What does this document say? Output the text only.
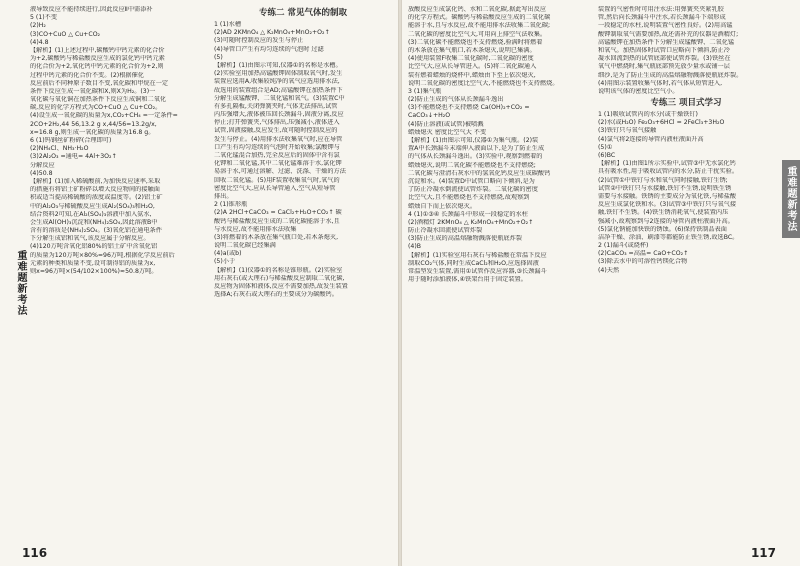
重难题新考法
液导致反应不能持续进行,因此反应Ⅱ中需添补
5 (1)不变
(2)H₂
(3)CO+CuO △ Cu+CO₂
(4)4.8
【解析】(1)上述过程中,碳酸钙中钙元素的化合价
为+2,碳酸钙与稀盐酸反应生成的氯化钙中钙元素
的化合价为+2,氧化钙中钙元素的化合价为+2,则
过程中钙元素的化合价不变。(2)根据催化
反应前后不同种原子数目不变,氧化碳和甲烷在一定
条件下反应生成一氧化碳和X,则X为H₂。(3)一
氧化碳与氧化铜在加热条件下反应生成铜和二氧化
碳,反应的化学方程式为CO+CuO △ Cu+CO₂。
(4)设生成一氧化碳的质量为x,CO₂+CH₄ =一定条件=
2CO+2H₂,44 56,13.2 g x,44/56=13.2g/x,
x=16.8 g,则生成一氧化碳的质量为16.8 g。
6 (1)钨钢丝矿粉碎(合理即可)
(2)NH₄Cl、NH₃·H₂O
(3)2Al₂O₃ =通电= 4Al+3O₂↑
分解反应
(4)50.8
【解析】(1)加入稀硫酸前,为加快反应速率,采取
的措施有将铝土矿粉碎以增大反应物间的接触面
积或适当提高稀硫酸的浓度或温度等。(2)铝土矿
中的Al₂O₃与稀硫酸反应生成Al₂(SO₄)₃和H₂O,
结合资料2可知,在Al₂(SO₄)₃溶液中加入氨水,
会生成Al(OH)₃沉淀和(NH₄)₂SO₄,因此溶液B中
含有的溶质是(NH₄)₂SO₄。(3)氧化铝在通电条件
下分解生成铝和氧气,该反应属于分解反应。
(4)120万吨含氧化铝80%的铝土矿中含氧化铝
的质量为120万吨×80%=96万吨,根据化学反应前后
元素的种类和质量不变,设可制得铝的质量为x,
则x=96万吨×(54/102×100%)≈50.8万吨。
专练二 常见气体的制取
1 (1)水槽
(2)AD 2KMnO₄ △ K₂MnO₄+MnO₂+O₂↑
(3)可随时控制反应的发生与停止
(4)导管口产生有均匀连续的气泡时 过滤
(5)
【解析】(1)由图示可知,仪器①的名称是水槽。
(2)实验室用加热高锰酸钾固体制取氧气时,发生
装置应选用A,收集较纯净的氧气应选用排水法,
故选用的装置组合是AD;高锰酸钾在加热条件下
分解生成锰酸钾、二氧化锰和氧气。(3)装置C中
有多孔隔板,关闭弹簧夹时,气体无法排出,试管
内压强增大,液体被压回长颈漏斗,固液分离,反应
停止;打开弹簧夹,气体排出,压强减小,液体进入
试管,固液接触,反应发生,故可随时控制反应的
发生与停止。(4)用排水法收集氧气时,应在导管
口产生有均匀连续的气泡时开始收集;氯酸钾与
二氧化锰混合加热,完全反应后的固体中含有氯
化钾和二氧化锰,其中二氧化锰难溶于水,氯化钾
易溶于水,可通过溶解、过滤、洗涤、干燥的方法
回收二氧化锰。(5)用F装置收集氧气时,氧气的
密度比空气大,应从长导管通入,空气从短导管
排出。
2 (1)锥形瓶
(2)A 2HCl+CaCO₃ = CaCl₂+H₂O+CO₂↑ 碳
酸钙与稀盐酸反应生成的二氧化碳能溶于水,且
与水反应,故不能用排水法收集
(3)将燃着的木条放在集气瓶口处,若木条熄灭,
说明二氧化碳已经集满
(4)a(或b)
(5)小于
【解析】(1)仪器①的名称是锥形瓶。(2)实验室
用石灰石(或大理石)与稀盐酸反应制取二氧化碳,
反应物为固体和液体,反应不需要加热,故发生装置
选择A;石灰石或大理石的主要成分为碳酸钙。
116
放酸反应生成氯化钙、水和二氧化碳,据此写出反应
的化学方程式。碳酸钙与稀盐酸反应生成的二氧化碳
能溶于水,且与水反应,故不能用排水法收集二氧化碳;
二氧化碳的密度比空气大,可用向上排空气法收集。
(3)二氧化碳不能燃烧也不支持燃烧,验满时将燃着
的木条放在集气瓶口,若木条熄灭,说明已集满。
(4)使用装置F收集二氧化碳时,二氧化碳的密度
比空气大,应从长导管进入。(5)将二氧化碳通入
装有燃着蜡烛的烧杯中,蜡烛由下至上依次熄灭,
说明二氧化碳的密度比空气大,不能燃烧也不支持燃烧。
3 (1)集气瓶
(2)防止生成的气体从长颈漏斗逸出
(3)不能燃烧也不支持燃烧 Ca(OH)₂+CO₂ =
CaCO₃↓+H₂O
(4)防止溶液(或试管)被喷溅
蜡烛熄灭 密度比空气大 不变
【解析】(1)由图示可知,仪器①为集气瓶。(2)装
置A中长颈漏斗末端伸入液面以下,是为了防止生成
的气体从长颈漏斗逸出。(3)实验中,观察到燃着的
蜡烛熄灭,说明二氧化碳不能燃烧也不支持燃烧;
二氧化碳与澄清石灰水中的氢氧化钙反应生成碳酸钙
沉淀和水。(4)装置D中试管口略向下倾斜,是为
了防止冷凝水倒流使试管炸裂。二氧化碳的密度
比空气大,且不能燃烧也不支持燃烧,故观察到
蜡烛自下而上依次熄灭。
4 (1)①③④ 长颈漏斗中形成一段稳定的水柱
(2)酒精灯 2KMnO₄ △ K₂MnO₄+MnO₂+O₂↑
防止冷凝水回流使试管炸裂
(3)防止生成的高温熔融物溅落使瓶底炸裂
(4)B
【解析】(1)实验室用石灰石与稀盐酸在常温下反应
制取CO₂气体,同时生成CaCl₂和H₂O,应选择固液
常温型发生装置,需用①试管作反应容器,③长颈漏斗
用于随时添加液体,④铁架台用于固定装置。
装置的气密性时可用注水法:用弹簧夹夹紧乳胶
管,然后向长颈漏斗中注水,若长颈漏斗下端形成
一段稳定的水柱,说明装置气密性良好。(2)用高锰
酸钾制取氧气需要加热,故还需补充的仪器是酒精灯;
高锰酸钾在加热条件下分解生成锰酸钾、二氧化锰
和氧气。加热固体时试管口应略向下倾斜,防止冷
凝水回流到热的试管底部使试管炸裂。(3)铁丝在
氧气中燃烧时,集气瓶底部预先放少量水或铺一层
细沙,是为了防止生成的高温熔融物溅落使瓶底炸裂。
(4)用图示装置收集气体时,若气体从短管进入,
说明该气体的密度比空气小。
专练三 项目式学习
1 (1)吸收试管内的水分(或干燥铁钉)
(2)水(或H₂O) Fe₂O₃+6HCl = 2FeCl₃+3H₂O
(3)铁钉只与氧气接触
(4)氯气将2连接的导管内液柱液面升高
(5)①
(6)BC
【解析】(1)由图1所示实验中,试管③中无水氯化钙
具有吸水性,用于吸收试管内的水分,防止干扰实验。
(2)试管①中铁钉与水和氧气同时接触,铁钉生锈;
试管②中铁钉只与水接触,铁钉不生锈,说明铁生锈
需要与水接触。铁锈的主要成分为氧化铁,与稀盐酸
反应生成氯化铁和水。(3)试管③中铁钉只与氧气接
触,铁钉不生锈。(4)铁生锈消耗氧气,使装置内压
强减小,故观察到与2连接的导管内液柱液面升高。
(5)氯化钠能加快铁的锈蚀。(6)保持铁制品表面
洁净干燥、涂油、刷漆等都能防止铁生锈,故选BC。
2 (1)漏斗(或烧杯)
(2)CaCO₃ =高温= CaO+CO₂↑
(3)除去水中的可溶性钙镁化合物
(4)天然
重难题新考法
117
